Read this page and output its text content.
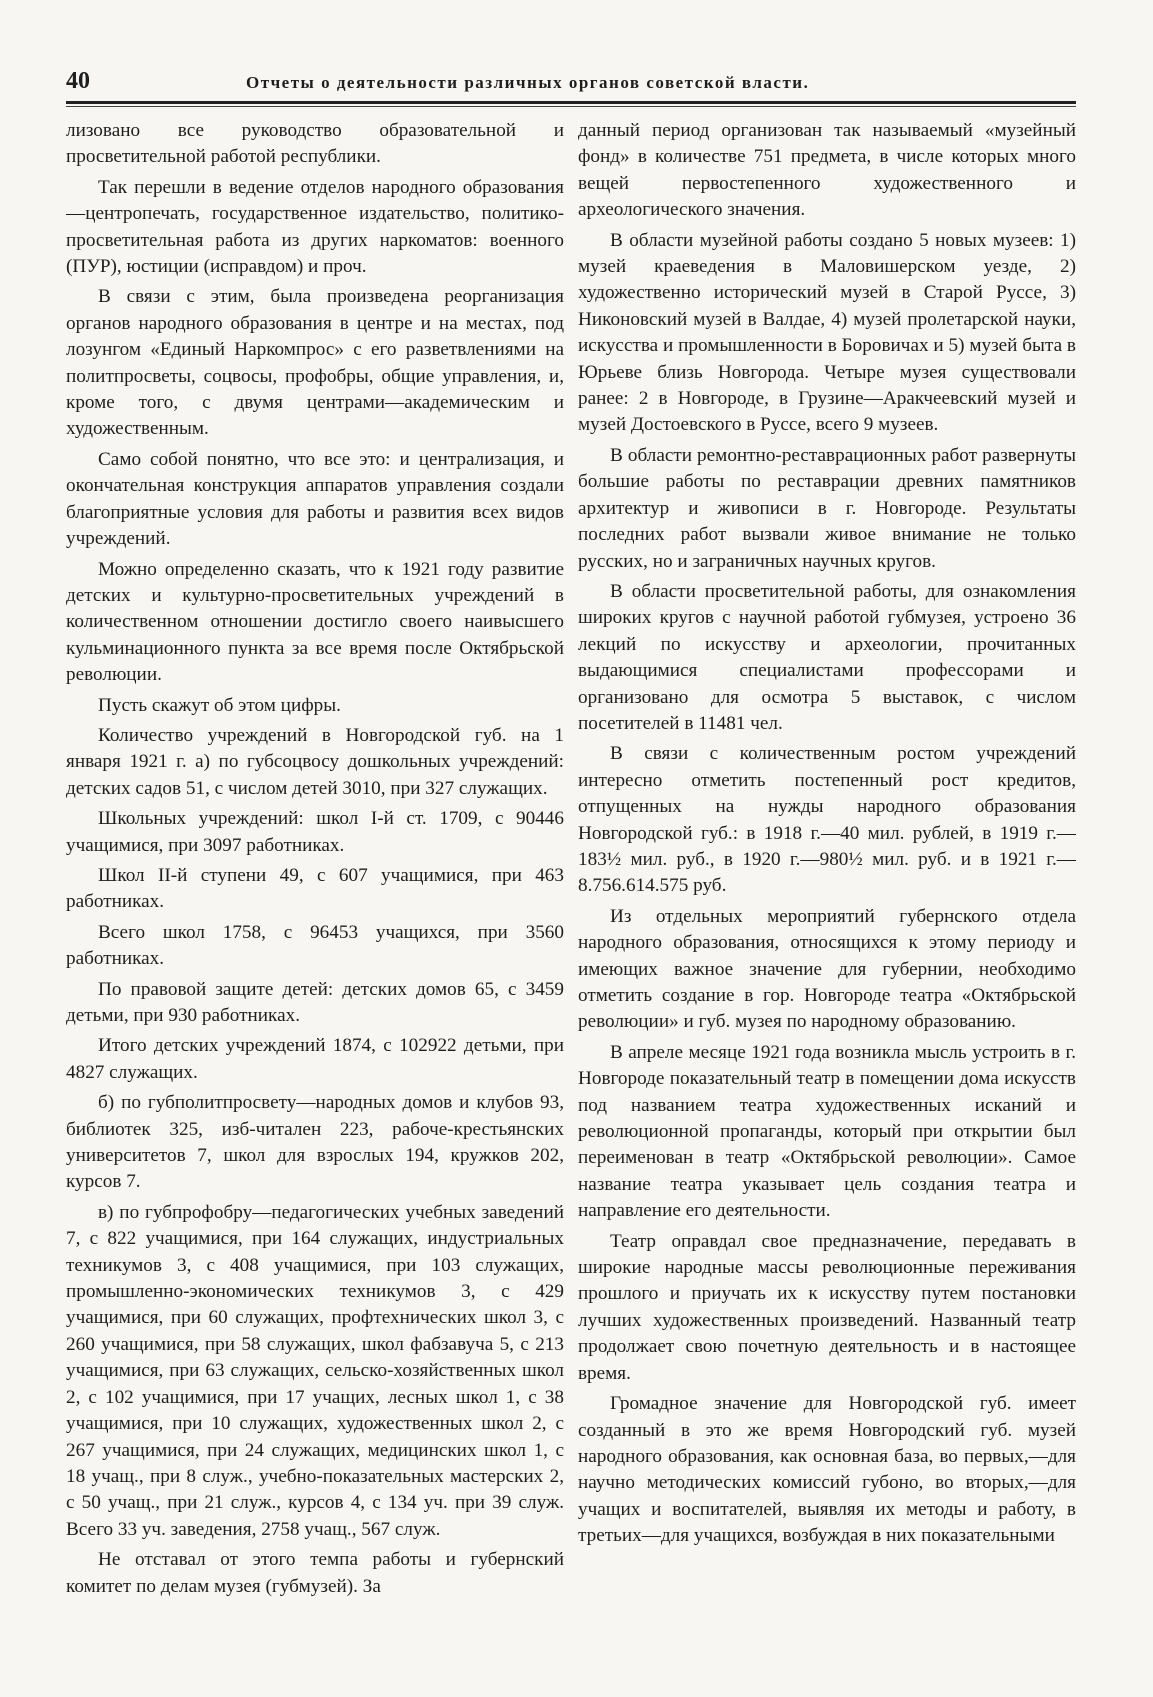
40	Отчеты о деятельности различных органов советской власти.

лизовано все руководство образовательной и просветительной работой республики.

Так перешли в ведение отделов народного образования —центропечать, государственное издательство, политико-просветительная работа из других наркоматов: военного (ПУР), юстиции (исправдом) и проч.

В связи с этим, была произведена реорганизация органов народного образования в центре и на местах, под лозунгом «Единый Наркомпрос» с его разветвлениями на политпросветы, соцвосы, профобры, общие управления, и, кроме того, с двумя центрами—академическим и художественным.

Само собой понятно, что все это: и централизация, и окончательная конструкция аппаратов управления создали благоприятные условия для работы и развития всех видов учреждений.

Можно определенно сказать, что к 1921 году развитие детских и культурно-просветительных учреждений в количественном отношении достигло своего наивысшего кульминационного пункта за все время после Октябрьской революции.

Пусть скажут об этом цифры.

Количество учреждений в Новгородской губ. на 1 января 1921 г. а) по губсоцвосу дошкольных учреждений: детских садов 51, с числом детей 3010, при 327 служащих.

Школьных учреждений: школ I-й ст. 1709, с 90446 учащимися, при 3097 работниках.

Школ II-й ступени 49, с 607 учащимися, при 463 работниках.

Всего школ 1758, с 96453 учащихся, при 3560 работниках.

По правовой защите детей: детских домов 65, с 3459 детьми, при 930 работниках.

Итого детских учреждений 1874, с 102922 детьми, при 4827 служащих.

б) по губполитпросвету—народных домов и клубов 93, библиотек 325, изб-читален 223, рабоче-крестьянских университетов 7, школ для взрослых 194, кружков 202, курсов 7.

в) по губпрофобру—педагогических учебных заведений 7, с 822 учащимися, при 164 служащих, индустриальных техникумов 3, с 408 учащимися, при 103 служащих, промышленно-экономических техникумов 3, с 429 учащимися, при 60 служащих, профтехнических школ 3, с 260 учащимися, при 58 служащих, школ фабзавуча 5, с 213 учащимися, при 63 служащих, сельско-хозяйственных школ 2, с 102 учащимися, при 17 учащих, лесных школ 1, с 38 учащимися, при 10 служащих, художественных школ 2, с 267 учащимися, при 24 служащих, медицинских школ 1, с 18 учащ., при 8 служ., учебно-показательных мастерских 2, с 50 учащ., при 21 служ., курсов 4, с 134 уч. при 39 служ. Всего 33 уч. заведения, 2758 учащ., 567 служ.

Не отставал от этого темпа работы и губернский комитет по делам музея (губмузей). За

данный период организован так называемый «музейный фонд» в количестве 751 предмета, в числе которых много вещей первостепенного художественного и археологического значения.

В области музейной работы создано 5 новых музеев: 1) музей краеведения в Маловишерском уезде, 2) художественно исторический музей в Старой Руссе, 3) Никоновский музей в Валдае, 4) музей пролетарской науки, искусства и промышленности в Боровичах и 5) музей быта в Юрьеве близь Новгорода. Четыре музея существовали ранее: 2 в Новгороде, в Грузине—Аракчеевский музей и музей Достоевского в Руссе, всего 9 музеев.

В области ремонтно-реставрационных работ развернуты большие работы по реставрации древних памятников архитектур и живописи в г. Новгороде. Результаты последних работ вызвали живое внимание не только русских, но и заграничных научных кругов.

В области просветительной работы, для ознакомления широких кругов с научной работой губмузея, устроено 36 лекций по искусству и археологии, прочитанных выдающимися специалистами профессорами и организовано для осмотра 5 выставок, с числом посетителей в 11481 чел.

В связи с количественным ростом учреждений интересно отметить постепенный рост кредитов, отпущенных на нужды народного образования Новгородской губ.: в 1918 г.—40 мил. рублей, в 1919 г.—183½ мил. руб., в 1920 г.—980½ мил. руб. и в 1921 г.—8.756.614.575 руб.

Из отдельных мероприятий губернского отдела народного образования, относящихся к этому периоду и имеющих важное значение для губернии, необходимо отметить создание в гор. Новгороде театра «Октябрьской революции» и губ. музея по народному образованию.

В апреле месяце 1921 года возникла мысль устроить в г. Новгороде показательный театр в помещении дома искусств под названием театра художественных исканий и революционной пропаганды, который при открытии был переименован в театр «Октябрьской революции». Самое название театра указывает цель создания театра и направление его деятельности.

Театр оправдал свое предназначение, передавать в широкие народные массы революционные переживания прошлого и приучать их к искусству путем постановки лучших художественных произведений. Названный театр продолжает свою почетную деятельность и в настоящее время.

Громадное значение для Новгородской губ. имеет созданный в это же время Новгородский губ. музей народного образования, как основная база, во первых,—для научно методических комиссий губоно, во вторых,—для учащих и воспитателей, выявляя их методы и работу, в третьих—для учащихся, возбуждая в них показательными
